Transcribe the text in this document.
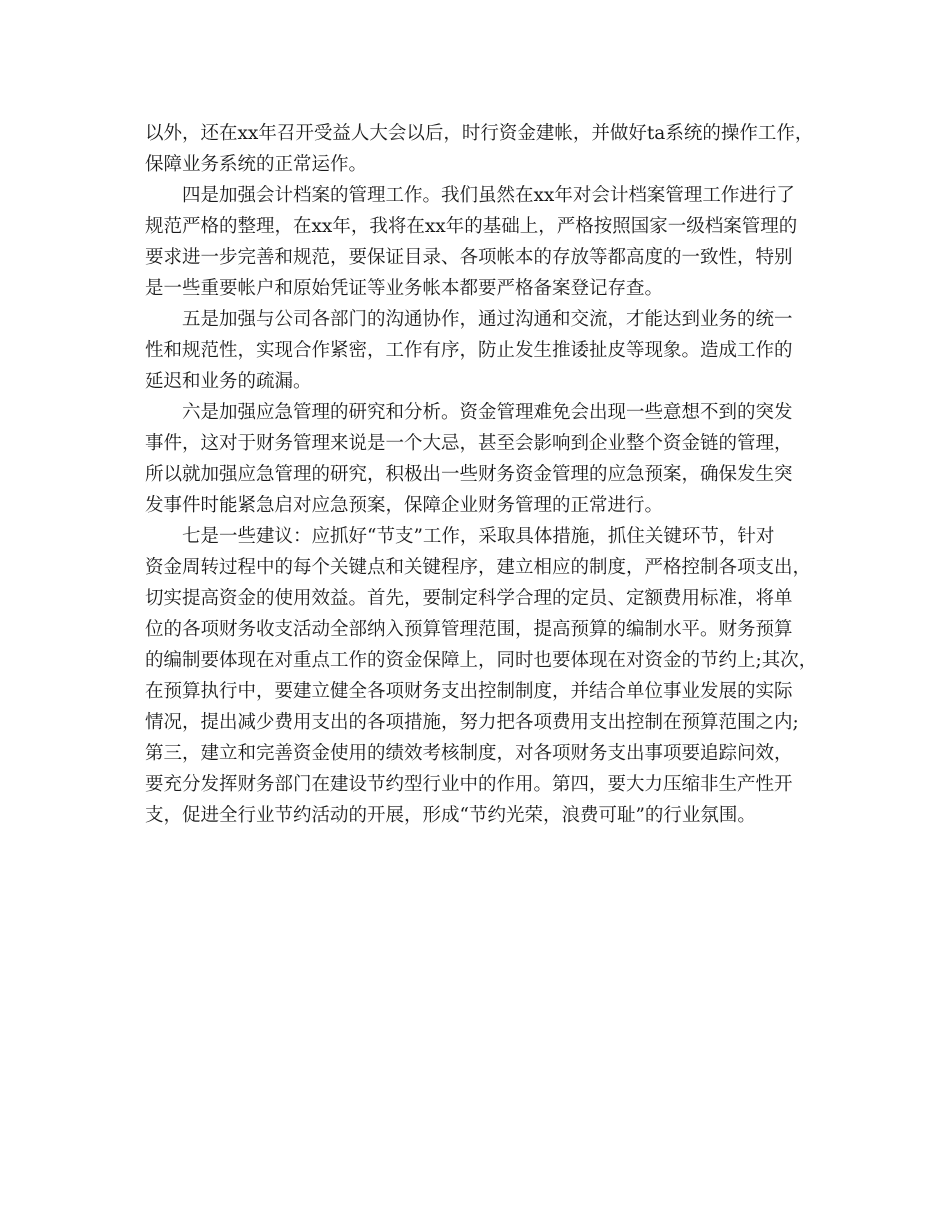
以外，还在xx年召开受益人大会以后，时行资金建帐，并做好ta系统的操作工作，
保障业务系统的正常运作。
四是加强会计档案的管理工作。我们虽然在xx年对会计档案管理工作进行了
规范严格的整理，在xx年，我将在xx年的基础上，严格按照国家一级档案管理的
要求进一步完善和规范，要保证目录、各项帐本的存放等都高度的一致性，特别
是一些重要帐户和原始凭证等业务帐本都要严格备案登记存查。
五是加强与公司各部门的沟通协作，通过沟通和交流，才能达到业务的统一
性和规范性，实现合作紧密，工作有序，防止发生推诿扯皮等现象。造成工作的
延迟和业务的疏漏。
六是加强应急管理的研究和分析。资金管理难免会出现一些意想不到的突发
事件，这对于财务管理来说是一个大忌，甚至会影响到企业整个资金链的管理，
所以就加强应急管理的研究，积极出一些财务资金管理的应急预案，确保发生突
发事件时能紧急启对应急预案，保障企业财务管理的正常进行。
七是一些建议：应抓好“节支”工作，采取具体措施，抓住关键环节，针对
资金周转过程中的每个关键点和关键程序，建立相应的制度，严格控制各项支出，
切实提高资金的使用效益。首先，要制定科学合理的定员、定额费用标准，将单
位的各项财务收支活动全部纳入预算管理范围，提高预算的编制水平。财务预算
的编制要体现在对重点工作的资金保障上，同时也要体现在对资金的节约上;其次，
在预算执行中，要建立健全各项财务支出控制制度，并结合单位事业发展的实际
情况，提出减少费用支出的各项措施，努力把各项费用支出控制在预算范围之内;
第三，建立和完善资金使用的绩效考核制度，对各项财务支出事项要追踪问效，
要充分发挥财务部门在建设节约型行业中的作用。第四，要大力压缩非生产性开
支，促进全行业节约活动的开展，形成“节约光荣，浪费可耻”的行业氛围。
